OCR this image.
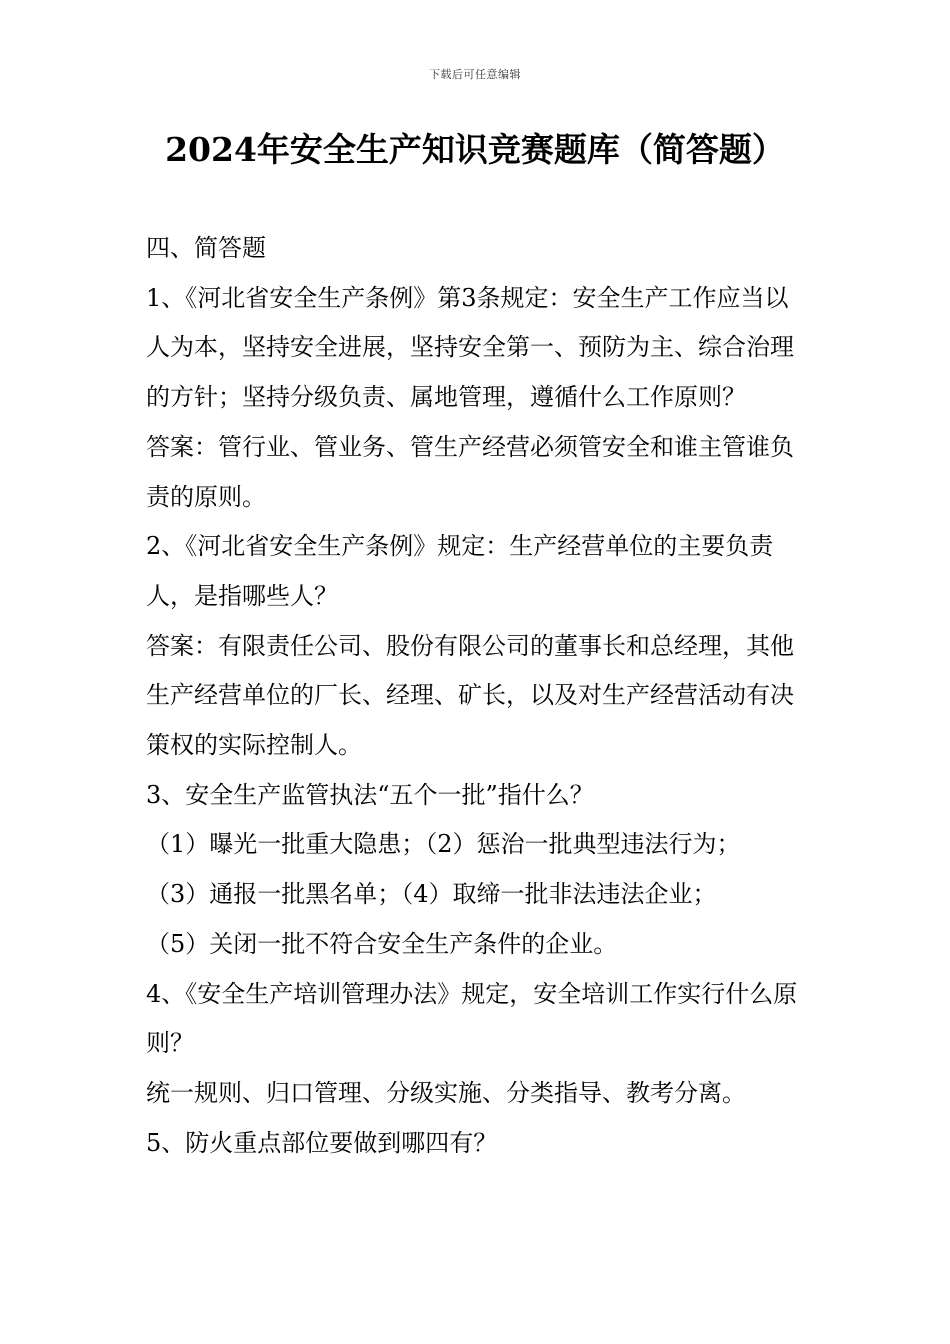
下载后可任意编辑
2024年安全生产知识竞赛题库（简答题）

四、简答题

1、《河北省安全生产条例》第3条规定：安全生产工作应当以人为本，坚持安全进展，坚持安全第一、预防为主、综合治理的方针；坚持分级负责、属地管理，遵循什么工作原则？

答案：管行业、管业务、管生产经营必须管安全和谁主管谁负责的原则。

2、《河北省安全生产条例》规定：生产经营单位的主要负责人，是指哪些人？

答案：有限责任公司、股份有限公司的董事长和总经理，其他生产经营单位的厂长、经理、矿长，以及对生产经营活动有决策权的实际控制人。

3、安全生产监管执法“五个一批”指什么？

（1）曝光一批重大隐患；（2）惩治一批典型违法行为；

（3）通报一批黑名单；（4）取缔一批非法违法企业；

（5）关闭一批不符合安全生产条件的企业。

4、《安全生产培训管理办法》规定，安全培训工作实行什么原则？

统一规则、归口管理、分级实施、分类指导、教考分离。

5、防火重点部位要做到哪四有？
